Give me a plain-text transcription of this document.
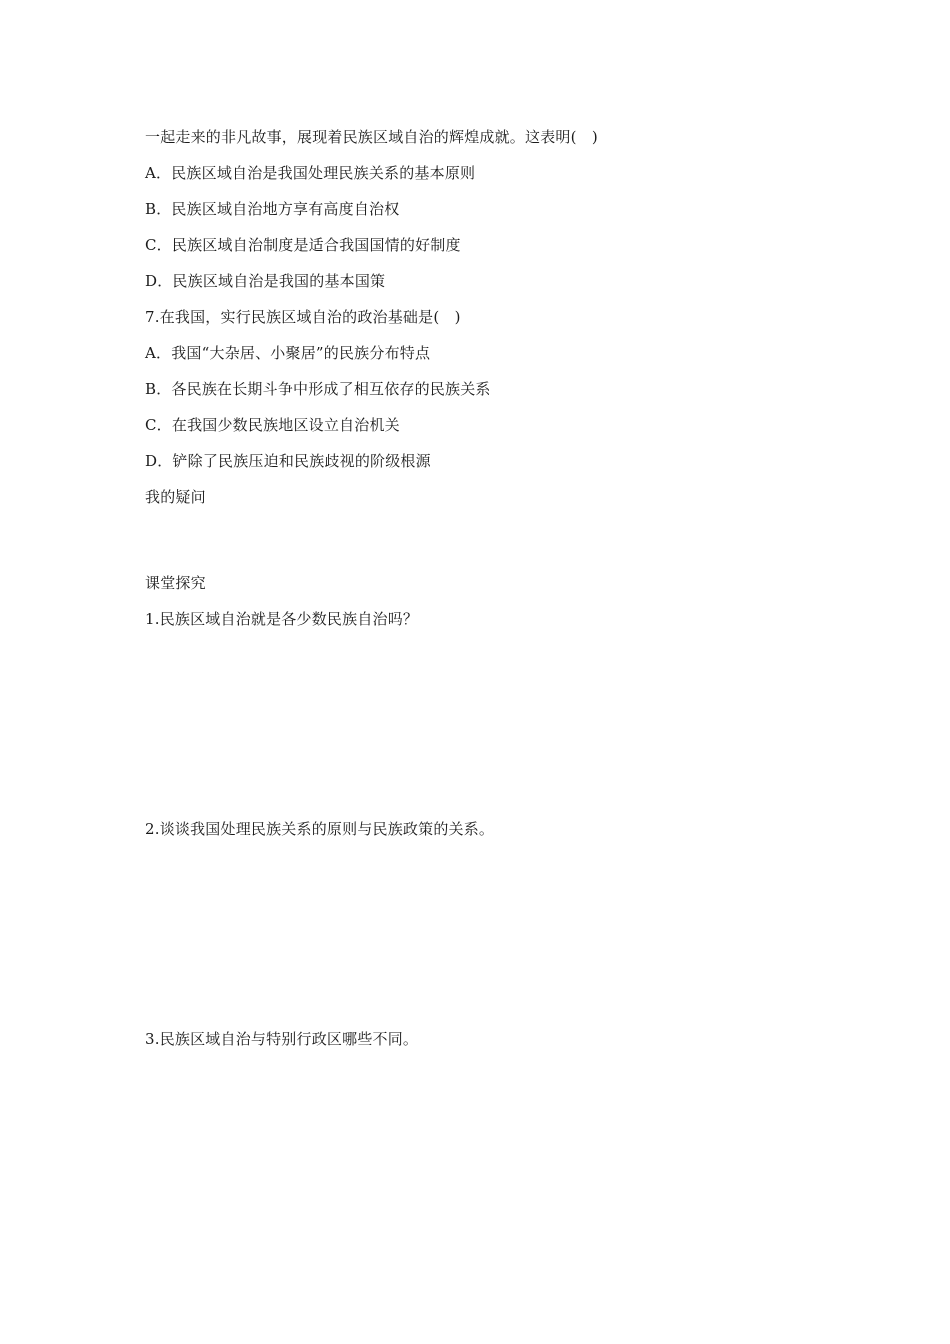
一起走来的非凡故事，展现着民族区域自治的辉煌成就。这表明(　)
A．民族区域自治是我国处理民族关系的基本原则
B．民族区域自治地方享有高度自治权
C．民族区域自治制度是适合我国国情的好制度
D．民族区域自治是我国的基本国策
7.在我国，实行民族区域自治的政治基础是(　)
A．我国“大杂居、小聚居”的民族分布特点
B．各民族在长期斗争中形成了相互依存的民族关系
C．在我国少数民族地区设立自治机关
D．铲除了民族压迫和民族歧视的阶级根源
我的疑问
课堂探究
1.民族区域自治就是各少数民族自治吗？
2.谈谈我国处理民族关系的原则与民族政策的关系。
3.民族区域自治与特别行政区哪些不同。
